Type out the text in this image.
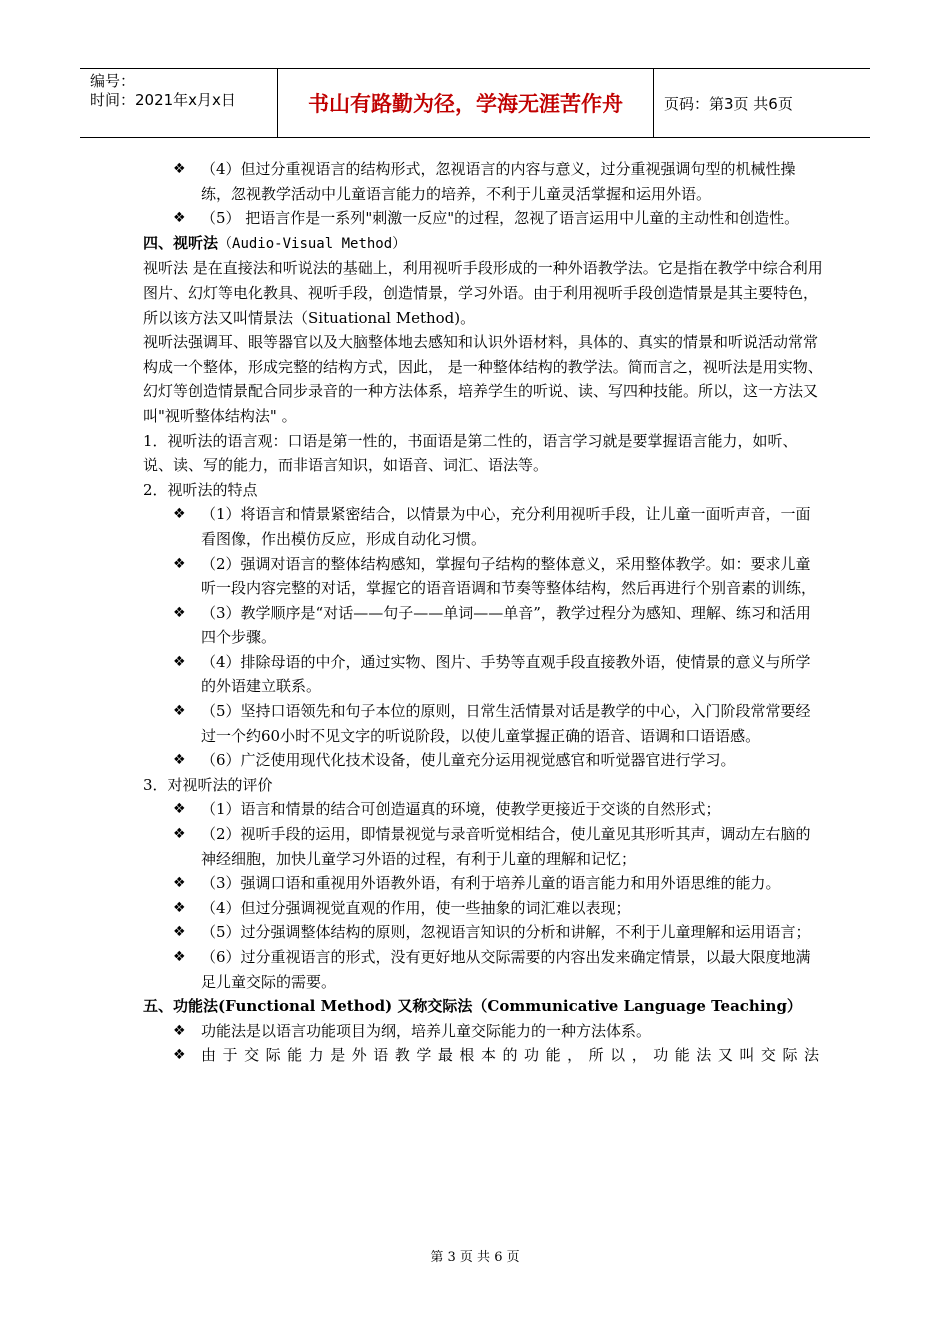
编号：
时间：2021年x月x日	书山有路勤为径，学海无涯苦作舟	页码：第3页 共6页
❖ （4）但过分重视语言的结构形式，忽视语言的内容与意义，过分重视强调句型的机械性操练，忽视教学活动中儿童语言能力的培养，不利于儿童灵活掌握和运用外语。
❖ （5） 把语言作是一系列"刺激一反应"的过程，忽视了语言运用中儿童的主动性和创造性。
四、视听法（Audio-Visual Method）
视听法 是在直接法和听说法的基础上，利用视听手段形成的一种外语教学法。它是指在教学中综合利用图片、幻灯等电化教具、视听手段，创造情景，学习外语。由于利用视听手段创造情景是其主要特色，所以该方法又叫情景法（Situational Method)。
视听法强调耳、眼等器官以及大脑整体地去感知和认识外语材料，具体的、真实的情景和听说活动常常构成一个整体，形成完整的结构方式，因此， 是一种整体结构的教学法。简而言之，视听法是用实物、幻灯等创造情景配合同步录音的一种方法体系，培养学生的听说、读、写四种技能。所以，这一方法又叫"视听整体结构法" 。
1．视听法的语言观：口语是第一性的，书面语是第二性的，语言学习就是要掌握语言能力，如听、说、读、写的能力，而非语言知识，如语音、词汇、语法等。
2．视听法的特点
❖ （1）将语言和情景紧密结合，以情景为中心，充分利用视听手段，让儿童一面听声音，一面看图像，作出模仿反应，形成自动化习惯。
❖ （2）强调对语言的整体结构感知，掌握句子结构的整体意义，采用整体教学。如：要求儿童听一段内容完整的对话，掌握它的语音语调和节奏等整体结构，然后再进行个别音素的训练，
❖ （3）教学顺序是“对话——句子——单词——单音”，教学过程分为感知、理解、练习和活用四个步骤。
❖ （4）排除母语的中介，通过实物、图片、手势等直观手段直接教外语，使情景的意义与所学的外语建立联系。
❖ （5）坚持口语领先和句子本位的原则，日常生活情景对话是教学的中心，入门阶段常常要经过一个约60小时不见文字的听说阶段，以使儿童掌握正确的语音、语调和口语语感。
❖ （6）广泛使用现代化技术设备，使儿童充分运用视觉感官和听觉器官进行学习。
3．对视听法的评价
❖ （1）语言和情景的结合可创造逼真的环境，使教学更接近于交谈的自然形式；
❖ （2）视听手段的运用，即情景视觉与录音听觉相结合，使儿童见其形听其声，调动左右脑的神经细胞，加快儿童学习外语的过程，有利于儿童的理解和记忆；
❖ （3）强调口语和重视用外语教外语，有利于培养儿童的语言能力和用外语思维的能力。
❖ （4）但过分强调视觉直观的作用，使一些抽象的词汇难以表现；
❖ （5）过分强调整体结构的原则，忽视语言知识的分析和讲解，不利于儿童理解和运用语言；
❖ （6）过分重视语言的形式，没有更好地从交际需要的内容出发来确定情景，以最大限度地满足儿童交际的需要。
五、功能法(Functional Method) 又称交际法（Communicative Language Teaching）
❖ 功能法是以语言功能项目为纲，培养儿童交际能力的一种方法体系。
❖ 由于交际能力是外语教学最根本的功能，所以，功能法又叫交际法
第 3 页 共 6 页
